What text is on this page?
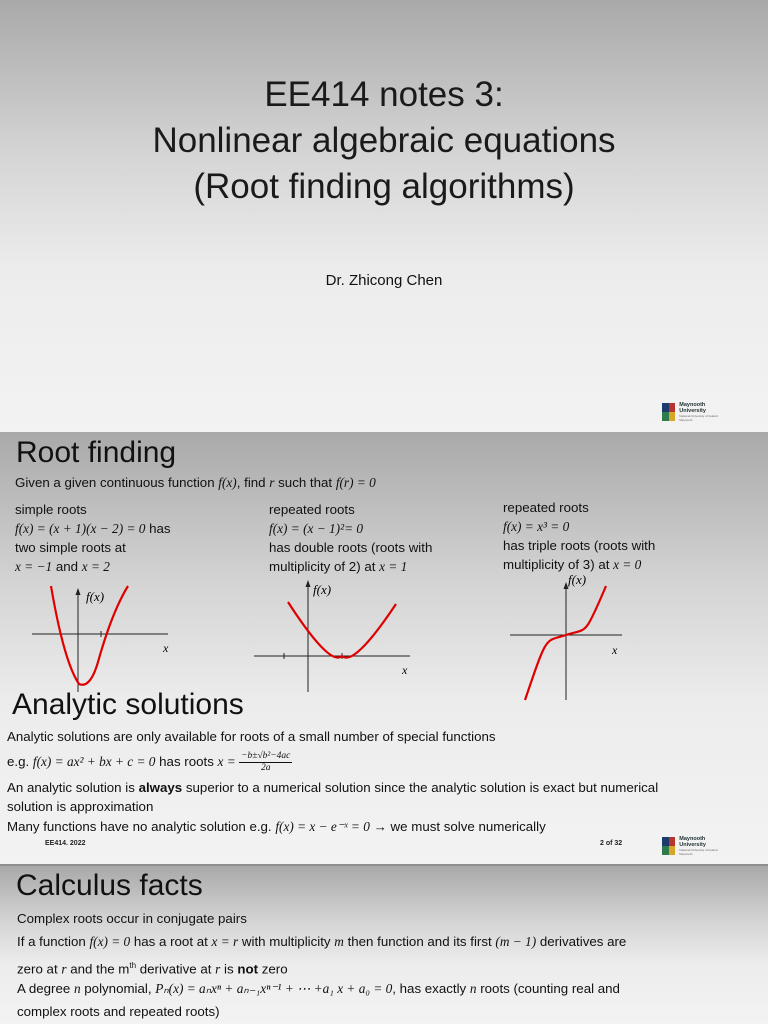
EE414 notes 3:
Nonlinear algebraic equations
(Root finding algorithms)
Dr. Zhicong Chen
Maynooth
University
National University of Ireland Maynooth
Root finding
Given a given continuous function f(x), find r such that f(r) = 0
simple roots
f(x) = (x + 1)(x − 2) = 0 has
two simple roots at
x = −1 and x = 2
repeated roots
f(x) = (x − 1)²= 0
has double roots (roots with
multiplicity of 2) at x = 1
repeated roots
f(x) = x³ = 0
has triple roots (roots with
multiplicity of 3) at x = 0
f(x)
x
f(x)
x
f(x)
x
Analytic solutions
Analytic solutions are only available for roots of a small number of special functions
e.g. f(x) = ax² + bx + c = 0 has roots $x = \frac{\text{−b±√b²−4ac}}{2a}$
An analytic solution is always superior to a numerical solution since the analytic solution is exact but numerical
solution is approximation
Many functions have no analytic solution e.g. f(x) = x − e⁻ˣ = 0 → we must solve numerically
EE414. 2022	2 of 32
Maynooth
University
National University of Ireland Maynooth
Calculus facts
Complex roots occur in conjugate pairs
If a function f(x) = 0 has a root at x = r with multiplicity m then function and its first (m − 1) derivatives are
zero at r and the $m^{th}$ derivative at r is not zero
A degree n polynomial, Pₙ(x) = aₙxⁿ + aₙ₋₁xⁿ⁻¹ + ⋯ +a₁ x + a₀ = 0, has exactly n roots (counting real and
complex roots and repeated roots)
